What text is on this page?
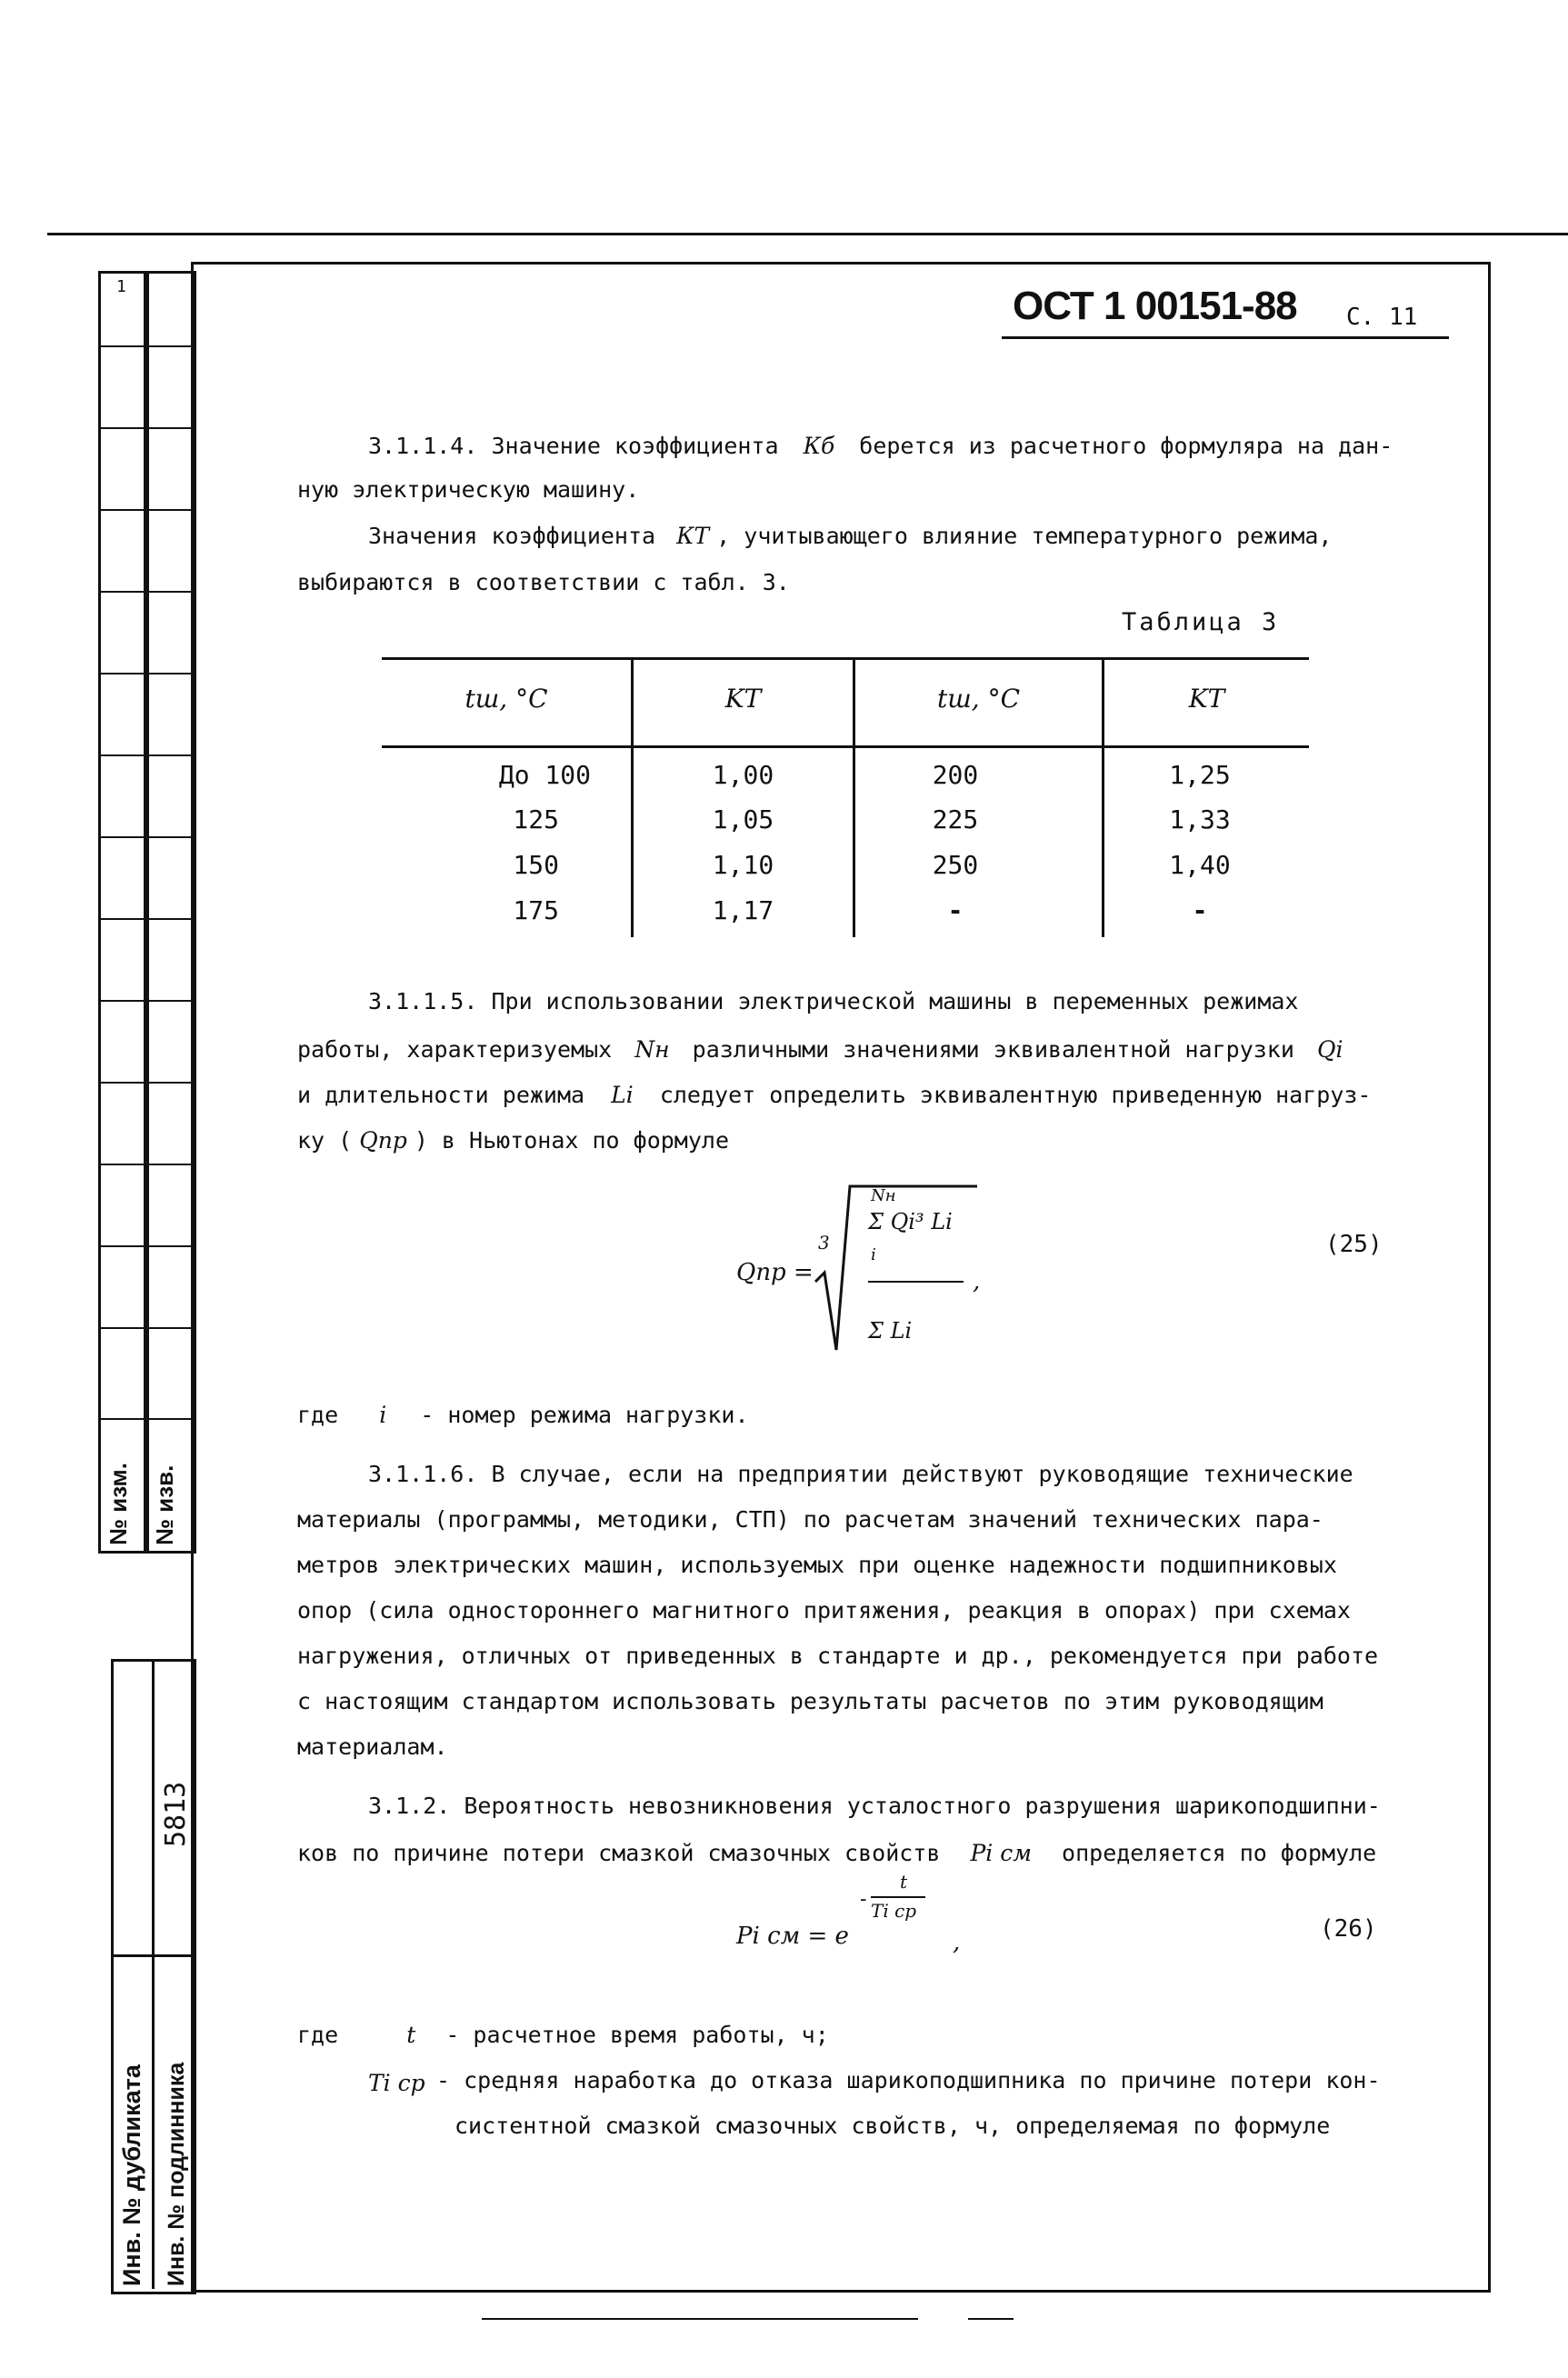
1
№ изм. № изв.
5813
Инв. № дубликата Инв. № подлинника
ОСТ 1 00151-88 С. 11
3.1.1.4. Значение коэффициента Кб берется из расчетного формуляра на дан-
ную электрическую машину.
Значения коэффициента КT , учитывающего влияние температурного режима,
выбираются в соответствии с табл. 3.
Таблица 3
tш, °С	KT	tш, °С	KT
До 100	1,00	200	1,25
125	1,05	225	1,33
150	1,10	250	1,40
175	1,17	-	-
3.1.1.5. При использовании электрической машины в переменных режимах
работы, характеризуемых Nн различными значениями эквивалентной нагрузки Qi
и длительности режима Li следует определить эквивалентную приведенную нагруз-
ку ( Qпр ) в Ньютонах по формуле
Qпр =
3
Nн
Σ Qi³ Li
i
Σ Li
,
(25)
где i - номер режима нагрузки.
3.1.1.6. В случае, если на предприятии действуют руководящие технические
материалы (программы, методики, СТП) по расчетам значений технических пара-
метров электрических машин, используемых при оценке надежности подшипниковых
опор (сила одностороннего магнитного притяжения, реакция в опорах) при схемах
нагружения, отличных от приведенных в стандарте и др., рекомендуется при работе
с настоящим стандартом использовать результаты расчетов по этим руководящим
материалам.
3.1.2. Вероятность невозникновения усталостного разрушения шарикоподшипни-
ков по причине потери смазкой смазочных свойств Pi см определяется по формуле
Pi см = e
-
t
Ti ср
,	(26)
где	t - расчетное время работы, ч;
Ti ср - средняя наработка до отказа шарикоподшипника по причине потери кон-
систентной смазкой смазочных свойств, ч, определяемая по формуле
